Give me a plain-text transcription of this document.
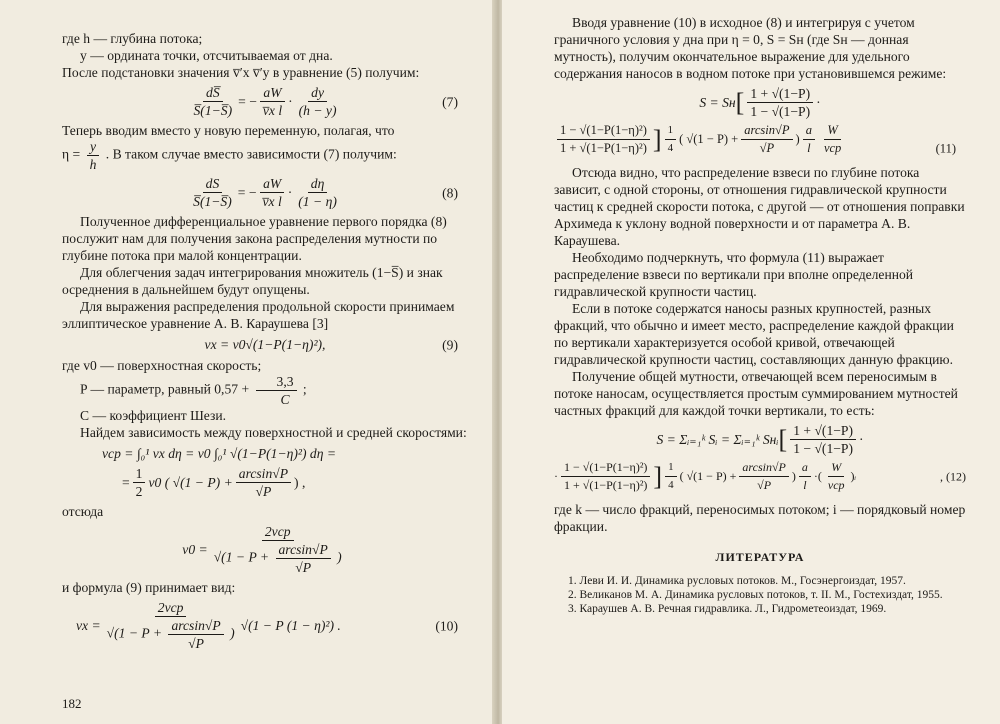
где h — глубина потока;

y — ордината точки, отсчитываемая от дна.

После подстановки значения v̅′x v̅′y в уравнение (5) получим:

$\frac{dS̅}{S̅(1-S̅)}$ = − $\frac{aW}{\text{v̅x l}} \cdot \frac{dy}{(h - y)}$	(7)

Теперь вводим вместо y новую переменную, полагая, что

$\eta = \frac{y}{h}$ . В таком случае вместо зависимости (7) получим:

$\frac{dS}{S̅(1-S̅)}$ = − $\frac{aW}{\text{v̅x l}} \cdot \frac{d\eta}{(1 - \eta)}$	(8)

Полученное дифференциальное уравнение первого порядка (8) послужит нам для получения закона распределения мутности по глубине потока при малой концентрации.

Для облегчения задач интегрирования множитель (1−S̅) и знак осреднения в дальнейшем будут опущены.

Для выражения распределения продольной скорости принимаем эллиптическое уравнение А. В. Караушева [3]

vx = v0√(1−P(1−η)²),	(9)

где v0 — поверхностная скорость;

P — параметр, равный $0,57 + \frac{3,3}{C}$ ;

C — коэффициент Шези.

Найдем зависимость между поверхностной и средней скоростями:

vср = ∫₀¹ vx dη = v0 ∫₀¹ √(1−P(1−η)²) dη =
= $\frac{1}{2} v0$ ( $√(1 - P) + \frac{\arcsin√P}{√P}$ ) ,

отсюда

v0 =
2vср
$√(1 - P + \frac{\arcsin√P}{√P}$ )

и формула (9) принимает вид:

vx =
2vср
$√(1 - P + \frac{\arcsin√P}{√P}$ )
√(1 − P (1 − η)²) .	(10)
182

Вводя уравнение (10) в исходное (8) и интегрируя с учетом граничного условия у дна при η = 0, S = Sн (где Sн — донная мутность), получим окончательное выражение для удельного содержания наносов в водном потоке при установившемся режиме:

S = Sн [ $\frac{1 + √(1-P)}{1 - √(1-P)}$ ·
$\frac{\text{1 − √(1−P(1−η)²)}}{\text{1 + √(1−P(1−η)²)}}$ ] $\frac{1}{4}$ ( $√(1 - P) + \frac{\arcsin√P}{√P}$ ) $\frac{a}{l} \frac{W}{\text{vср}}$	(11)

Отсюда видно, что распределение взвеси по глубине потока зависит, с одной стороны, от отношения гидравлической крупности частиц к средней скорости потока, с другой — от отношения поправки Архимеда к уклону водной поверхности и от параметра А. В. Караушева.

Необходимо подчеркнуть, что формула (11) выражает распределение взвеси по вертикали при вполне определенной гидравлической крупности частиц.

Если в потоке содержатся наносы разных крупностей, разных фракций, что обычно и имеет место, распределение каждой фракции по вертикали характеризуется особой кривой, отвечающей гидравлической крупности частиц, составляющих данную фракцию.

Получение общей мутности, отвечающей всем переносимым в потоке наносам, осуществляется простым суммированием мутностей частных фракций для каждой точки вертикали, то есть:

S = Σᵢ₌₁ᵏ Sᵢ = Σᵢ₌₁ᵏ Sнᵢ [ $\frac{1 + √(1-P)}{1 - √(1-P)}$ ·
· $\frac{\text{1 − √(1−P(1−η)²)}}{\text{1 + √(1−P(1−η)²)}}$ ] $\frac{1}{4}$ ( $√(1 - P) + \frac{\arcsin√P}{√P}$ ) $\frac{a}{l}$ ·( $\frac{W}{\text{vср}}$ ) ᵢ	, (12)

где k — число фракций, переносимых потоком; i — порядковый номер фракции.

ЛИТЕРАТУРА

1. Леви И. И. Динамика русловых потоков. М., Госэнергоиздат, 1957.

2. Великанов М. А. Динамика русловых потоков, т. II. М., Гостехиздат, 1955.

3. Караушев А. В. Речная гидравлика. Л., Гидрометеоиздат, 1969.
